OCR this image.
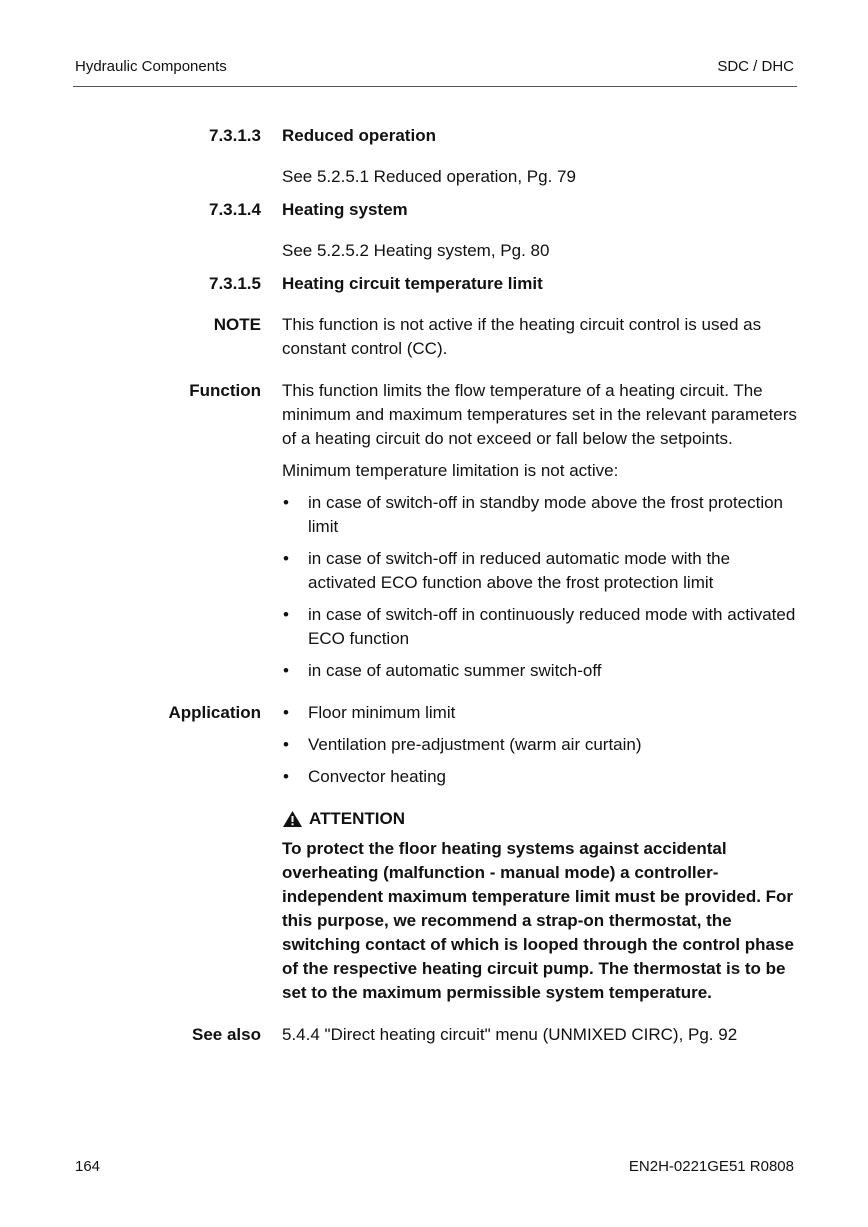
Hydraulic Components	SDC / DHC
7.3.1.3 Reduced operation
See 5.2.5.1 Reduced operation, Pg. 79
7.3.1.4 Heating system
See 5.2.5.2 Heating system, Pg. 80
7.3.1.5 Heating circuit temperature limit
NOTE This function is not active if the heating circuit control is used as constant control (CC).
Function This function limits the flow temperature of a heating circuit. The minimum and maximum temperatures set in the relevant parameters of a heating circuit do not exceed or fall below the setpoints.

Minimum temperature limitation is not active:

• in case of switch-off in standby mode above the frost protection limit
• in case of switch-off in reduced automatic mode with the activated ECO function above the frost protection limit
• in case of switch-off in continuously reduced mode with activated ECO function
• in case of automatic summer switch-off
Application • Floor minimum limit
• Ventilation pre-adjustment (warm air curtain)
• Convector heating
ATTENTION

To protect the floor heating systems against accidental overheating (malfunction - manual mode) a controller-independent maximum temperature limit must be provided. For this purpose, we recommend a strap-on thermostat, the switching contact of which is looped through the control phase of the respective heating circuit pump. The thermostat is to be set to the maximum permissible system temperature.

See also 5.4.4 "Direct heating circuit" menu (UNMIXED CIRC), Pg. 92
164	EN2H-0221GE51 R0808
